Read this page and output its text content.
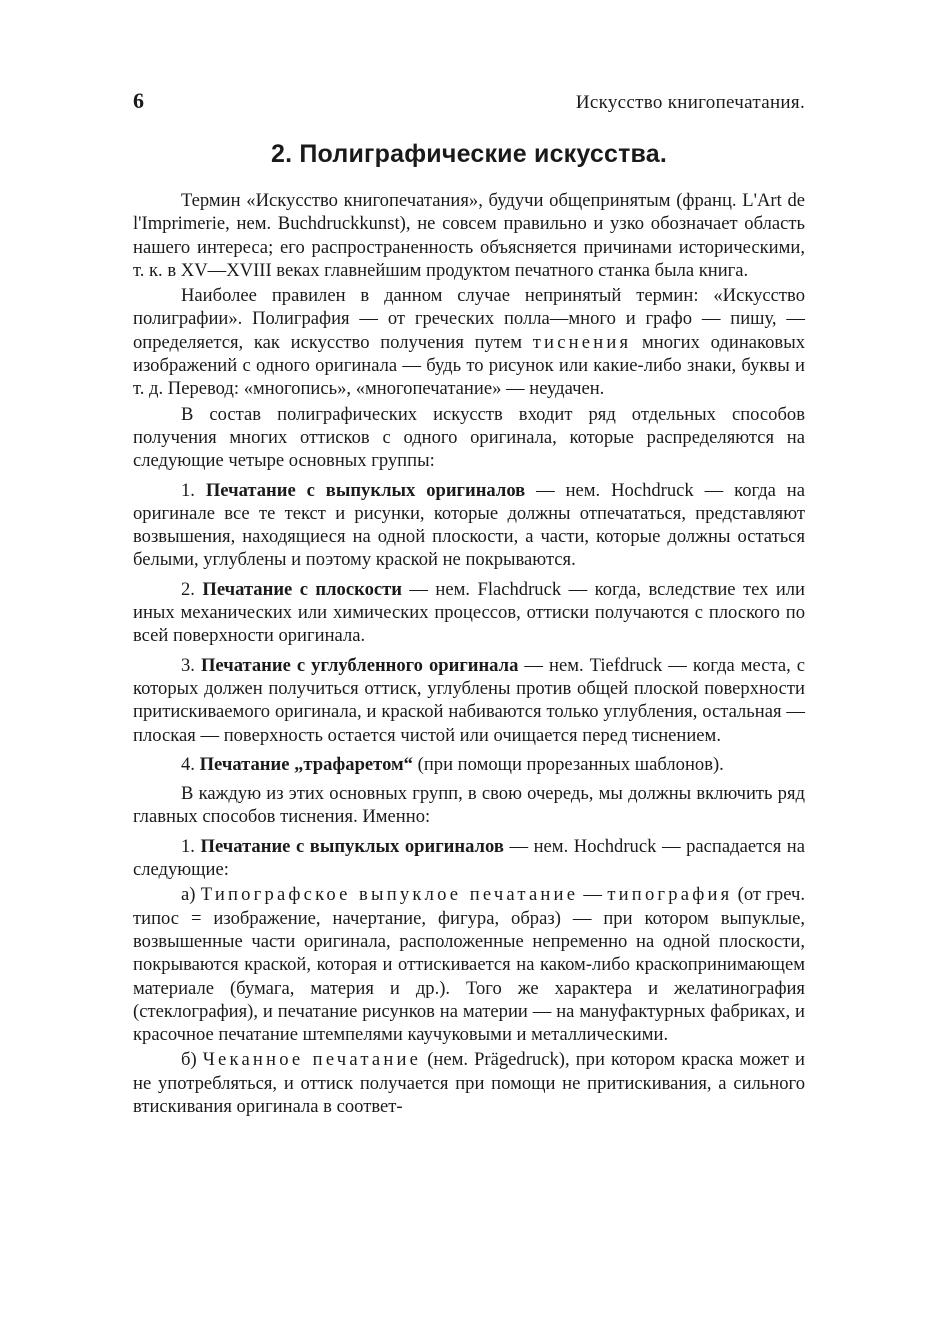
6	Искусство книгопечатания.
2. Полиграфические искусства.

Термин «Искусство книгопечатания», будучи общепринятым (франц. L'Art de l'Imprimerie, нем. Buchdruckkunst), не совсем правильно и узко обозначает область нашего интереса; его распространенность объясняется причинами историческими, т. к. в XV—XVIII веках главнейшим продуктом печатного станка была книга.

Наиболее правилен в данном случае непринятый термин: «Искусство полиграфии». Полиграфия — от греческих полла—много и графо — пишу, — определяется, как искусство получения путем тиснения многих одинаковых изображений с одного оригинала — будь то рисунок или какие-либо знаки, буквы и т. д. Перевод: «многопись», «многопечатание» — неудачен.

В состав полиграфических искусств входит ряд отдельных способов получения многих оттисков с одного оригинала, которые распределяются на следующие четыре основных группы:

1. Печатание с выпуклых оригиналов — нем. Hochdruck — когда на оригинале все те текст и рисунки, которые должны отпечататься, представляют возвышения, находящиеся на одной плоскости, а части, которые должны остаться белыми, углублены и поэтому краской не покрываются.

2. Печатание с плоскости — нем. Flachdruck — когда, вследствие тех или иных механических или химических процессов, оттиски получаются с плоского по всей поверхности оригинала.

3. Печатание с углубленного оригинала — нем. Tiefdruck — когда места, с которых должен получиться оттиск, углублены против общей плоской поверхности притискиваемого оригинала, и краской набиваются только углубления, остальная — плоская — поверхность остается чистой или очищается перед тиснением.

4. Печатание „трафаретом“ (при помощи прорезанных шаблонов).

В каждую из этих основных групп, в свою очередь, мы должны включить ряд главных способов тиснения. Именно:

1. Печатание с выпуклых оригиналов — нем. Hochdruck — распадается на следующие:

а) Типографское выпуклое печатание — типография (от греч. типос = изображение, начертание, фигура, образ) — при котором выпуклые, возвышенные части оригинала, расположенные непременно на одной плоскости, покрываются краской, которая и оттискивается на каком-либо краскопринимающем материале (бумага, материя и др.). Того же характера и желатинография (стеклография), и печатание рисунков на материи — на мануфактурных фабриках, и красочное печатание штемпелями каучуковыми и металлическими.

б) Чеканное печатание (нем. Prägedruck), при котором краска может и не употребляться, и оттиск получается при помощи не притискивания, а сильного втискивания оригинала в соответ-
